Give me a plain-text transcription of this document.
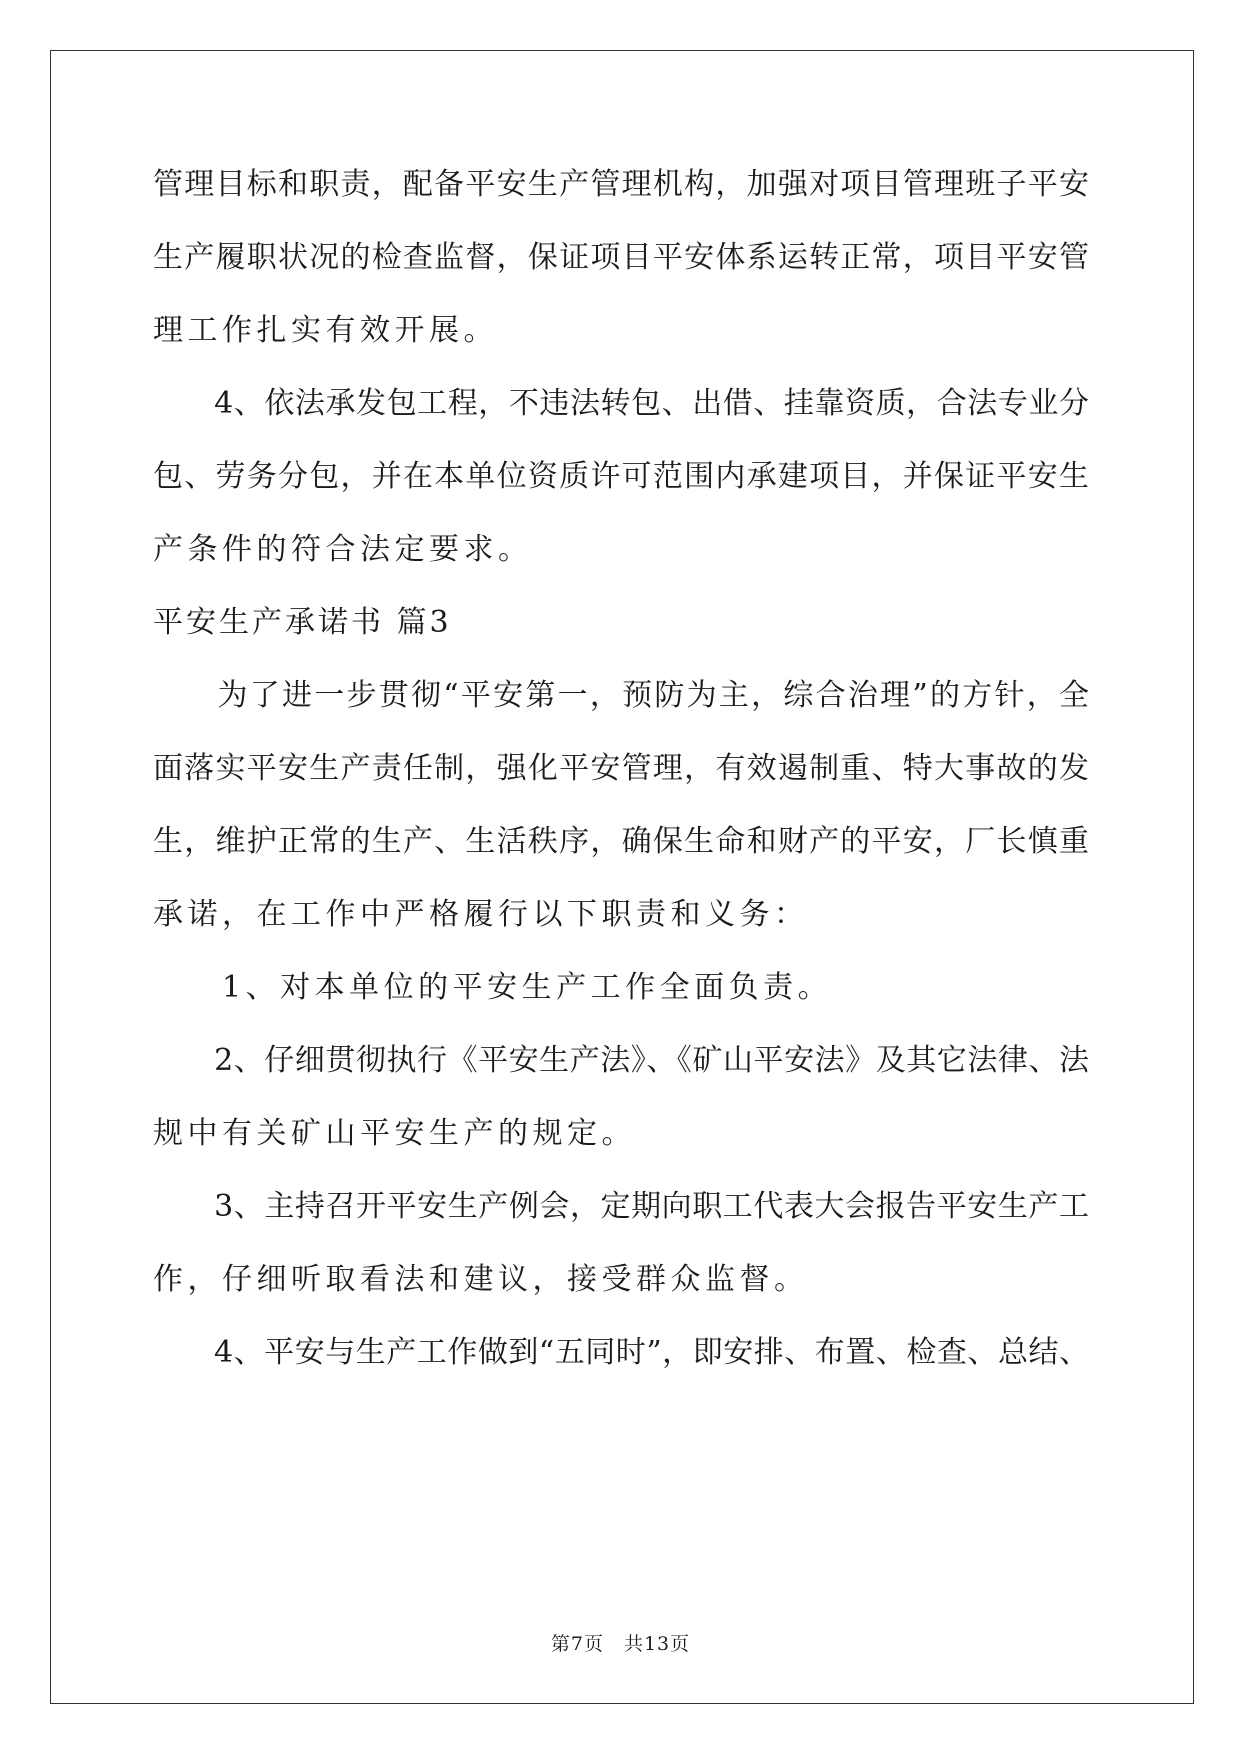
管理目标和职责，配备平安生产管理机构，加强对项目管理班子平安
生产履职状况的检查监督，保证项目平安体系运转正常，项目平安管
理工作扎实有效开展。
　　4、依法承发包工程，不违法转包、出借、挂靠资质，合法专业分
包、劳务分包，并在本单位资质许可范围内承建项目，并保证平安生
产条件的符合法定要求。
平安生产承诺书 篇3
　　为了进一步贯彻“平安第一，预防为主，综合治理”的方针，全
面落实平安生产责任制，强化平安管理，有效遏制重、特大事故的发
生，维护正常的生产、生活秩序，确保生命和财产的平安，厂长慎重
承诺，在工作中严格履行以下职责和义务：
　　1、对本单位的平安生产工作全面负责。
　　2、仔细贯彻执行《平安生产法》、《矿山平安法》及其它法律、法
规中有关矿山平安生产的规定。
　　3、主持召开平安生产例会，定期向职工代表大会报告平安生产工
作，仔细听取看法和建议，接受群众监督。
　　4、平安与生产工作做到“五同时”，即安排、布置、检查、总结、
第7页　共13页
